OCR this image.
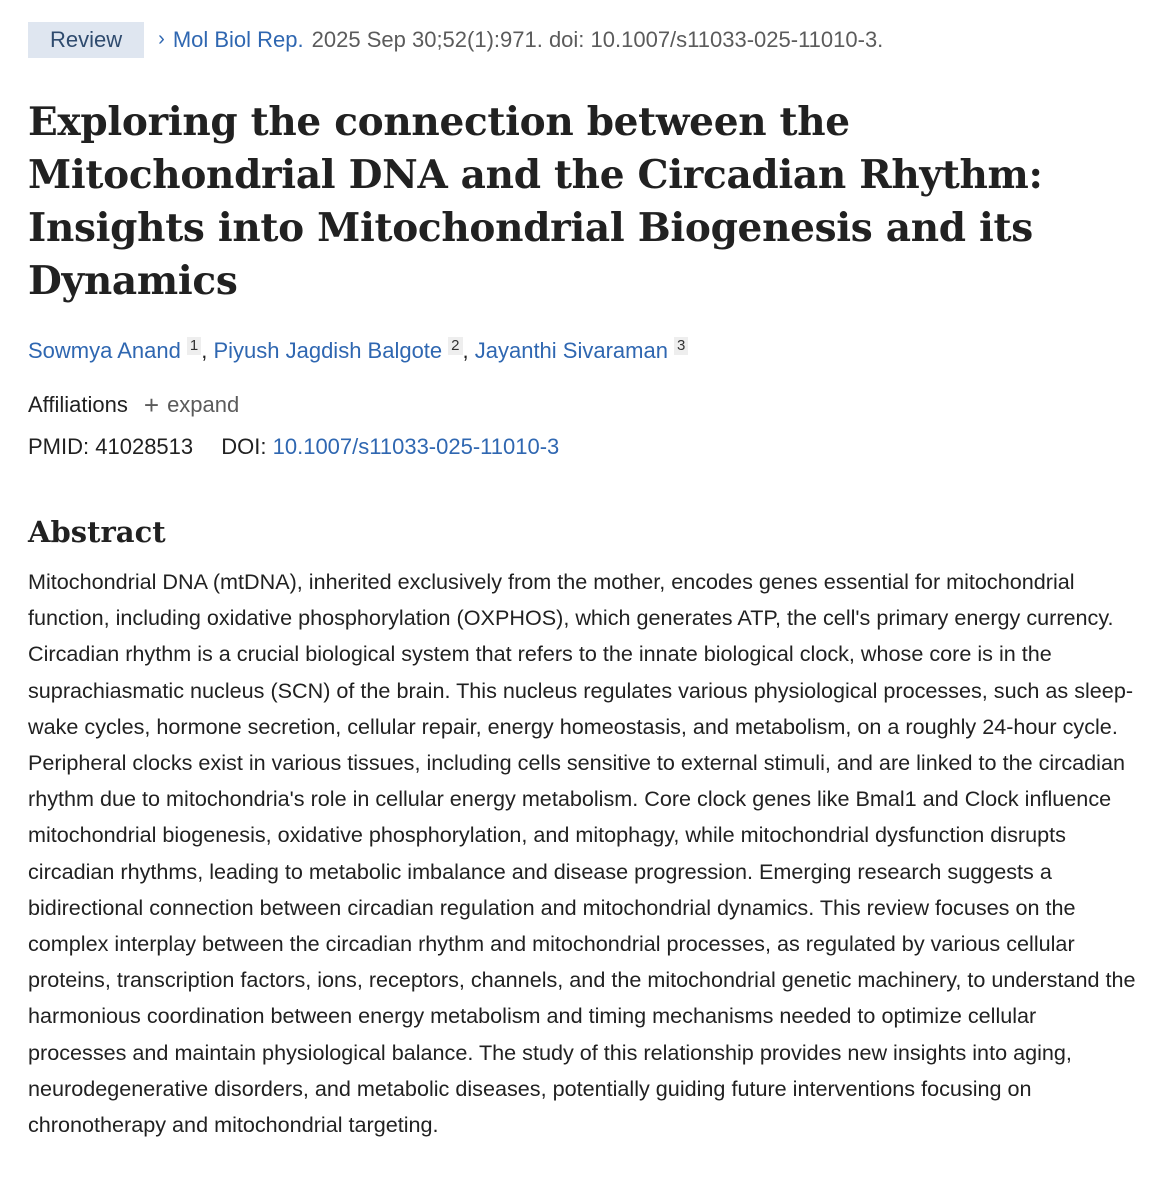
Review	› Mol Biol Rep. 2025 Sep 30;52(1):971. doi: 10.1007/s11033-025-11010-3.
Exploring the connection between the Mitochondrial DNA and the Circadian Rhythm: Insights into Mitochondrial Biogenesis and its Dynamics
Sowmya Anand 1 , Piyush Jagdish Balgote 2 , Jayanthi Sivaraman 3
Affiliations + expand
PMID: 41028513 DOI: 10.1007/s11033-025-11010-3
Abstract
Mitochondrial DNA (mtDNA), inherited exclusively from the mother, encodes genes essential for mitochondrial function, including oxidative phosphorylation (OXPHOS), which generates ATP, the cell's primary energy currency. Circadian rhythm is a crucial biological system that refers to the innate biological clock, whose core is in the suprachiasmatic nucleus (SCN) of the brain. This nucleus regulates various physiological processes, such as sleep-wake cycles, hormone secretion, cellular repair, energy homeostasis, and metabolism, on a roughly 24-hour cycle. Peripheral clocks exist in various tissues, including cells sensitive to external stimuli, and are linked to the circadian rhythm due to mitochondria's role in cellular energy metabolism. Core clock genes like Bmal1 and Clock influence mitochondrial biogenesis, oxidative phosphorylation, and mitophagy, while mitochondrial dysfunction disrupts circadian rhythms, leading to metabolic imbalance and disease progression. Emerging research suggests a bidirectional connection between circadian regulation and mitochondrial dynamics. This review focuses on the complex interplay between the circadian rhythm and mitochondrial processes, as regulated by various cellular proteins, transcription factors, ions, receptors, channels, and the mitochondrial genetic machinery, to understand the harmonious coordination between energy metabolism and timing mechanisms needed to optimize cellular processes and maintain physiological balance. The study of this relationship provides new insights into aging, neurodegenerative disorders, and metabolic diseases, potentially guiding future interventions focusing on chronotherapy and mitochondrial targeting.
